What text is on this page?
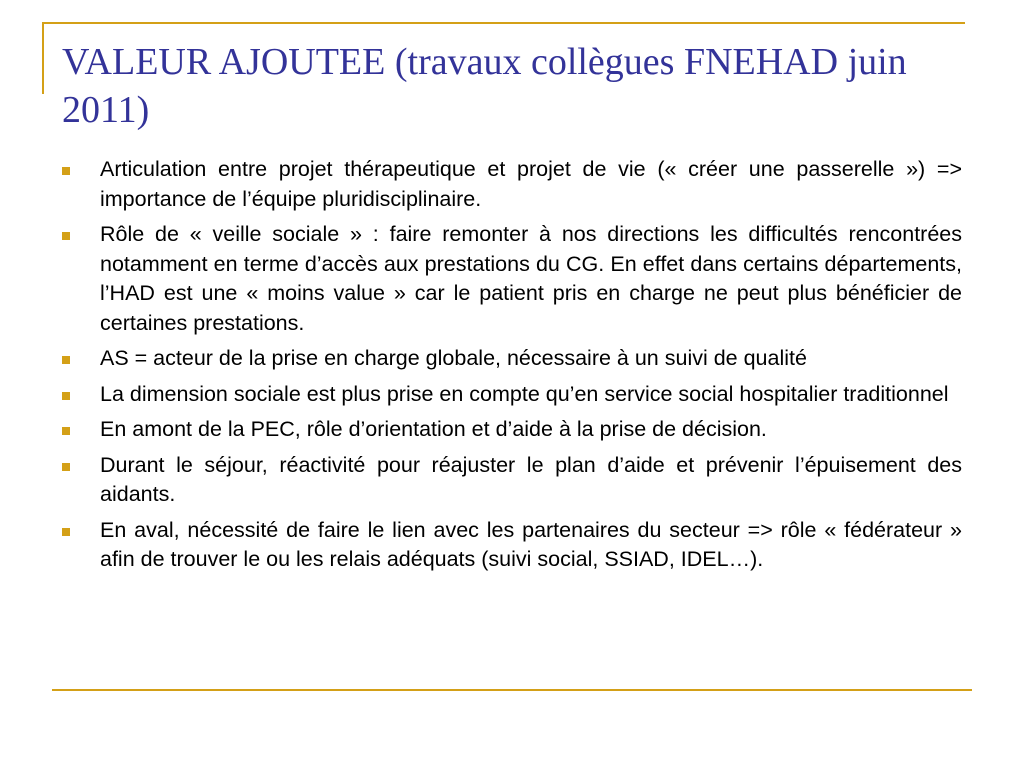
VALEUR AJOUTEE (travaux collègues FNEHAD juin 2011)
Articulation entre projet thérapeutique et projet de vie (« créer une passerelle ») => importance de l’équipe pluridisciplinaire.
Rôle de « veille sociale » : faire remonter à nos directions les difficultés rencontrées notamment en terme d’accès aux prestations du CG. En effet dans certains départements, l’HAD est une « moins value » car le patient pris en charge ne peut plus bénéficier de certaines prestations.
AS = acteur de la prise en charge globale, nécessaire à un suivi de qualité
La dimension sociale est plus prise en compte qu’en service social hospitalier traditionnel
En amont de la PEC, rôle d’orientation et d’aide à la prise de décision.
Durant le séjour, réactivité pour réajuster le plan d’aide et prévenir l’épuisement des aidants.
En aval, nécessité de faire le lien avec les partenaires du secteur => rôle « fédérateur » afin de trouver le ou les relais adéquats (suivi social, SSIAD, IDEL…).
